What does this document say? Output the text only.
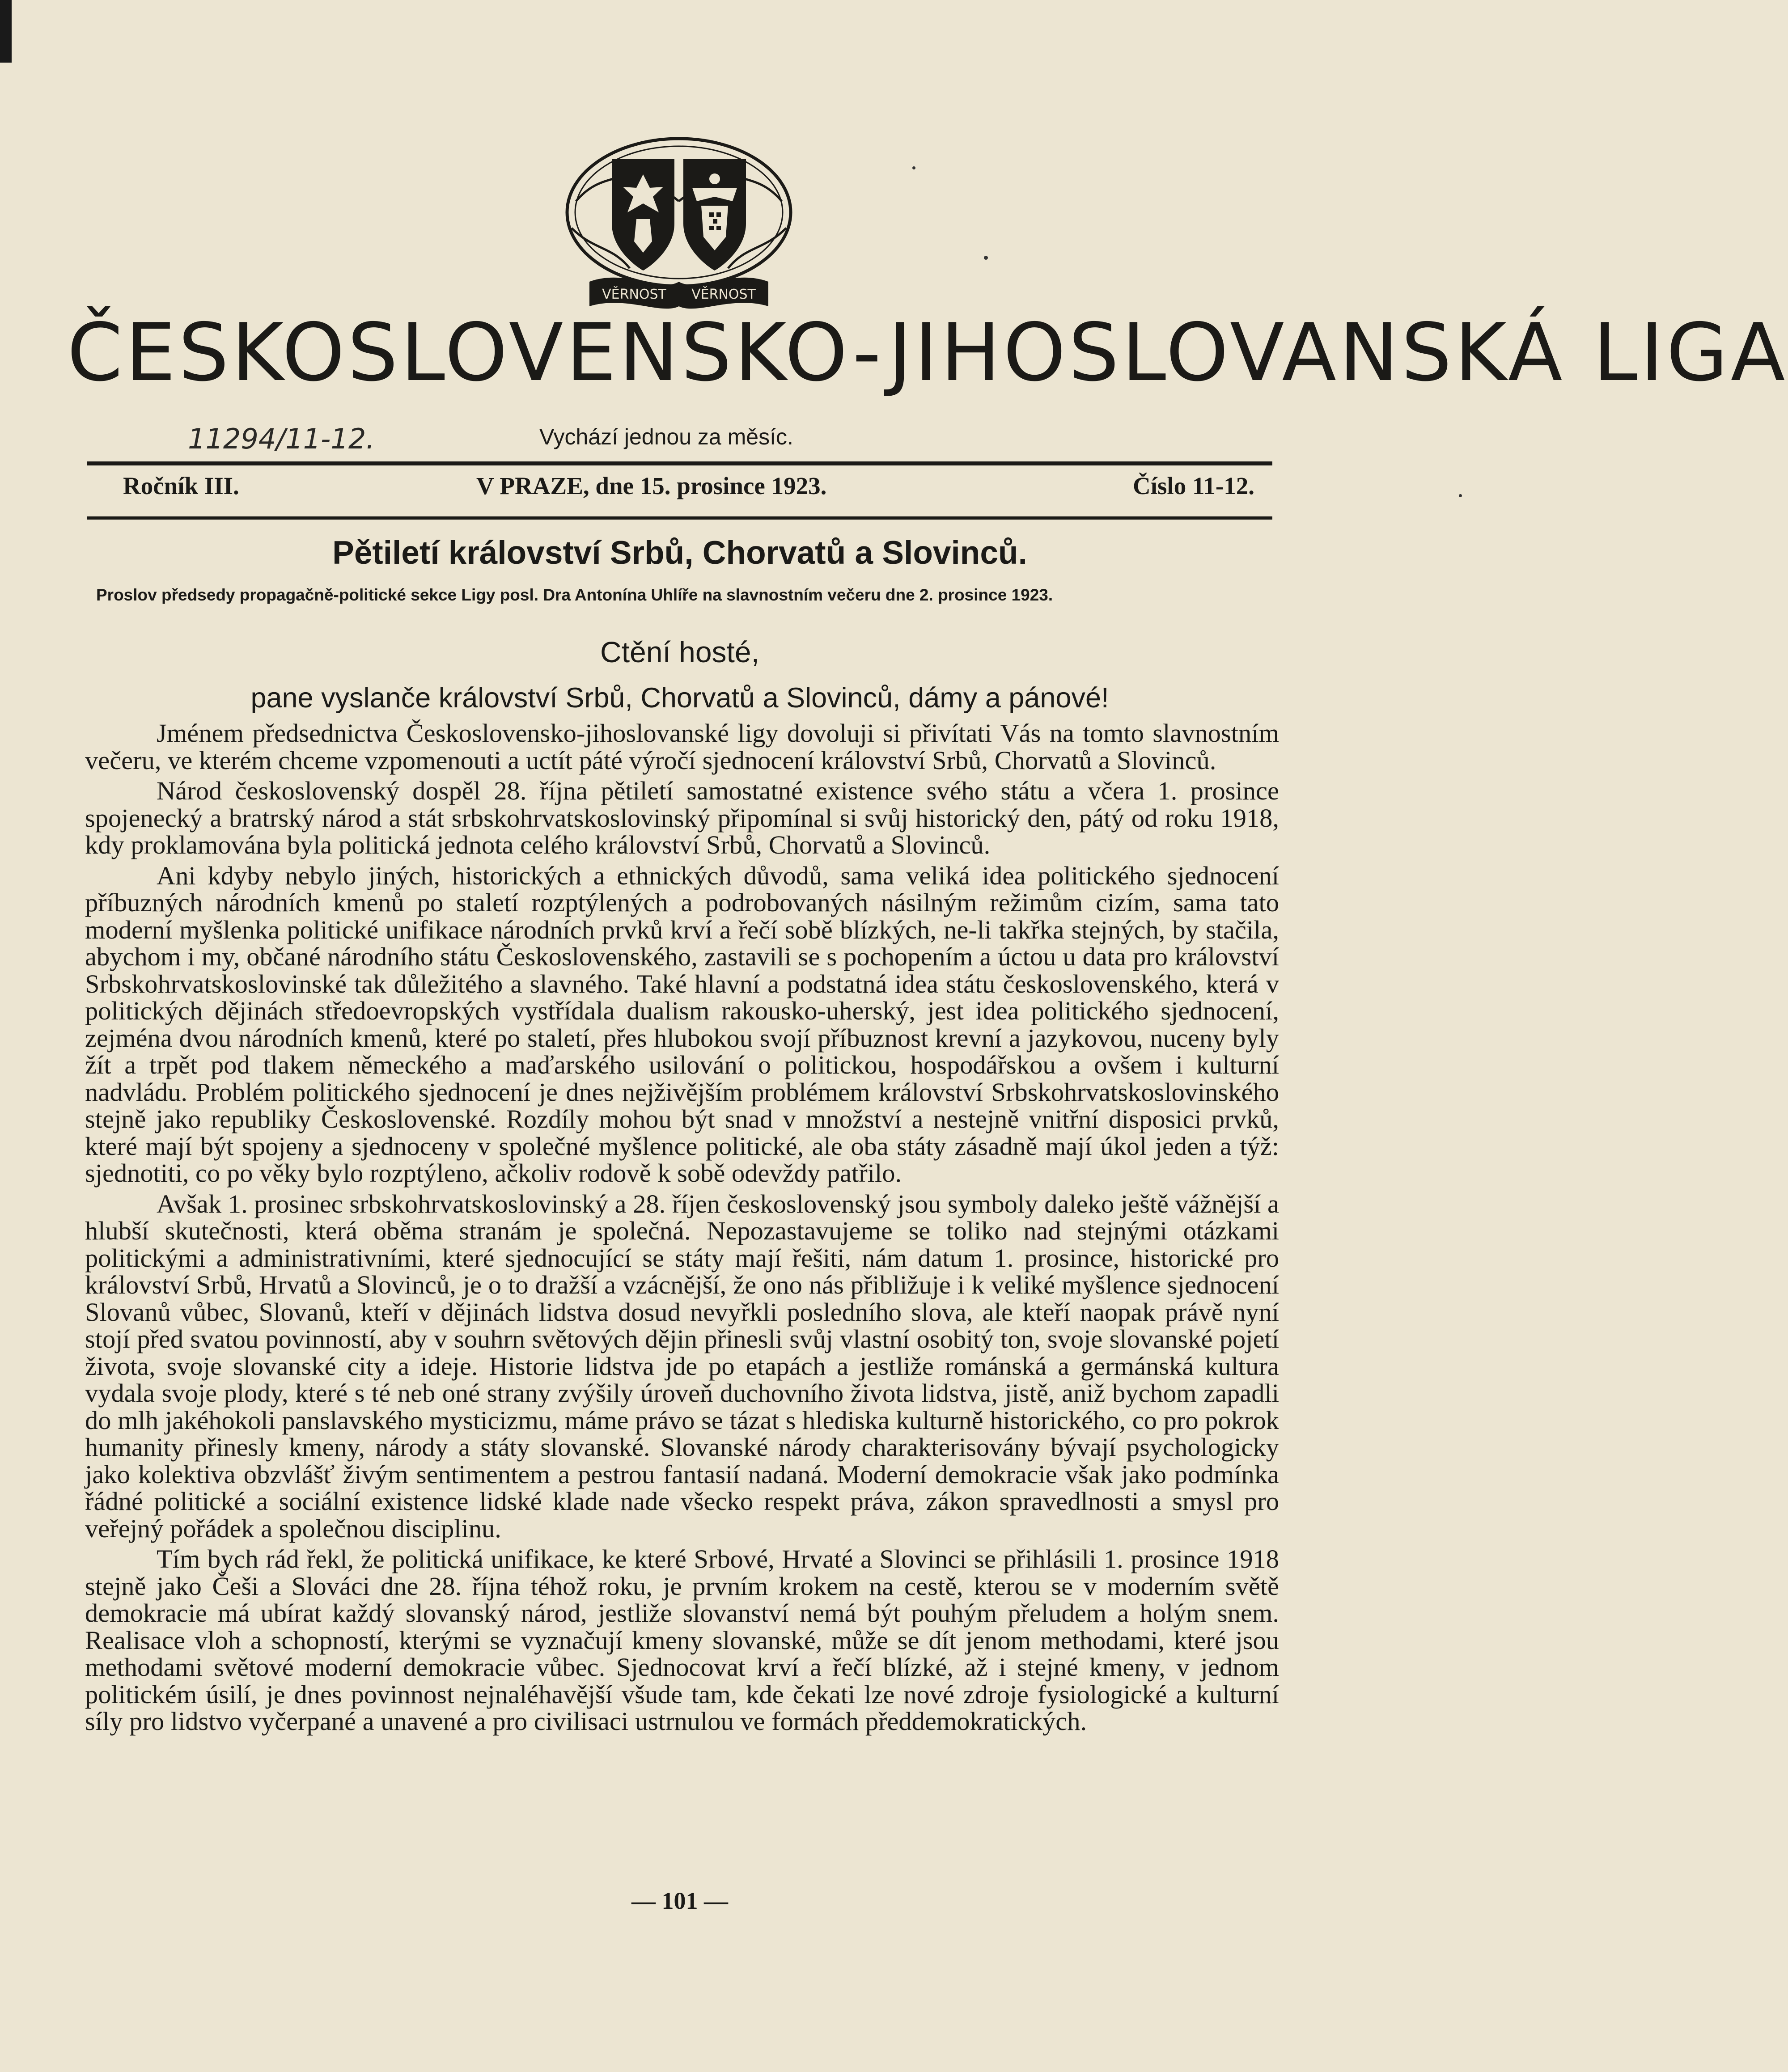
VĚRNOST VĚRNOST
ČESKOSLOVENSKO-JIHOSLOVANSKÁ LIGA
11294/11-12.	Vychází jednou za měsíc.
Ročník III.	V PRAZE, dne 15. prosince 1923.	Číslo 11-12.
Pětiletí království Srbů, Chorvatů a Slovinců.
Proslov předsedy propagačně-politické sekce Ligy posl. Dra Antonína Uhlíře na slavnostním večeru dne 2. prosince 1923.
Ctění hosté,
pane vyslanče království Srbů, Chorvatů a Slovinců, dámy a pánové!

Jménem předsednictva Československo-jihoslovanské ligy dovoluji si přivítati Vás na tomto slavnostním večeru, ve kterém chceme vzpomenouti a uctít páté výročí sjednocení království Srbů, Chorvatů a Slovinců.

Národ československý dospěl 28. října pětiletí samostatné existence svého státu a včera 1. prosince spojenecký a bratrský národ a stát srbskohrvatskoslovinský připomínal si svůj historický den, pátý od roku 1918, kdy proklamována byla politická jednota celého království Srbů, Chorvatů a Slovinců.

Ani kdyby nebylo jiných, historických a ethnických důvodů, sama veliká idea politického sjednocení příbuzných národních kmenů po staletí rozptýlených a podrobovaných násilným režimům cizím, sama tato moderní myšlenka politické unifikace národních prvků krví a řečí sobě blízkých, ne-li takřka stejných, by stačila, abychom i my, občané národního státu Československého, zastavili se s pochopením a úctou u data pro království Srbskohrvatskoslovinské tak důležitého a slavného. Také hlavní a podstatná idea státu československého, která v politických dějinách středoevropských vystřídala dualism rakousko-uherský, jest idea politického sjednocení, zejména dvou národních kmenů, které po staletí, přes hlubokou svojí příbuznost krevní a jazykovou, nuceny byly žít a trpět pod tlakem německého a maďarského usilování o politickou, hospodářskou a ovšem i kulturní nadvládu. Problém politického sjednocení je dnes nejživějším problémem království Srbskohrvatskoslovinského stejně jako republiky Československé. Rozdíly mohou být snad v množství a nestejně vnitřní disposici prvků, které mají být spojeny a sjednoceny v společné myšlence politické, ale oba státy zásadně mají úkol jeden a týž: sjednotiti, co po věky bylo rozptýleno, ačkoliv rodově k sobě odevždy patřilo.

Avšak 1. prosinec srbskohrvatskoslovinský a 28. říjen československý jsou symboly daleko ještě vážnější a hlubší skutečnosti, která oběma stranám je společná. Nepozastavujeme se toliko nad stejnými otázkami politickými a administrativními, které sjednocující se státy mají řešiti, nám datum 1. prosince, historické pro království Srbů, Hrvatů a Slovinců, je o to dražší a vzácnější, že ono nás přibližuje i k veliké myšlence sjednocení Slovanů vůbec, Slovanů, kteří v dějinách lidstva dosud nevyřkli posledního slova, ale kteří naopak právě nyní stojí před svatou povinností, aby v souhrn světových dějin přinesli svůj vlastní osobitý ton, svoje slovanské pojetí života, svoje slovanské city a ideje. Historie lidstva jde po etapách a jestliže románská a germánská kultura vydala svoje plody, které s té neb oné strany zvýšily úroveň duchovního života lidstva, jistě, aniž bychom zapadli do mlh jakéhokoli panslavského mysticizmu, máme právo se tázat s hlediska kulturně historického, co pro pokrok humanity přinesly kmeny, národy a státy slovanské. Slovanské národy charakterisovány bývají psychologicky jako kolektiva obzvlášť živým sentimentem a pestrou fantasií nadaná. Moderní demokracie však jako podmínka řádné politické a sociální existence lidské klade nade všecko respekt práva, zákon spravedlnosti a smysl pro veřejný pořádek a společnou disciplinu.

Tím bych rád řekl, že politická unifikace, ke které Srbové, Hrvaté a Slovinci se přihlásili 1. prosince 1918 stejně jako Češi a Slováci dne 28. října téhož roku, je prvním krokem na cestě, kterou se v moderním světě demokracie má ubírat každý slovanský národ, jestliže slovanství nemá být pouhým přeludem a holým snem. Realisace vloh a schopností, kterými se vyznačují kmeny slovanské, může se dít jenom methodami, které jsou methodami světové moderní demokracie vůbec. Sjednocovat krví a řečí blízké, až i stejné kmeny, v jednom politickém úsilí, je dnes povinnost nejnaléhavější všude tam, kde čekati lze nové zdroje fysiologické a kulturní síly pro lidstvo vyčerpané a unavené a pro civilisaci ustrnulou ve formách předdemokratických.

— 101 —
